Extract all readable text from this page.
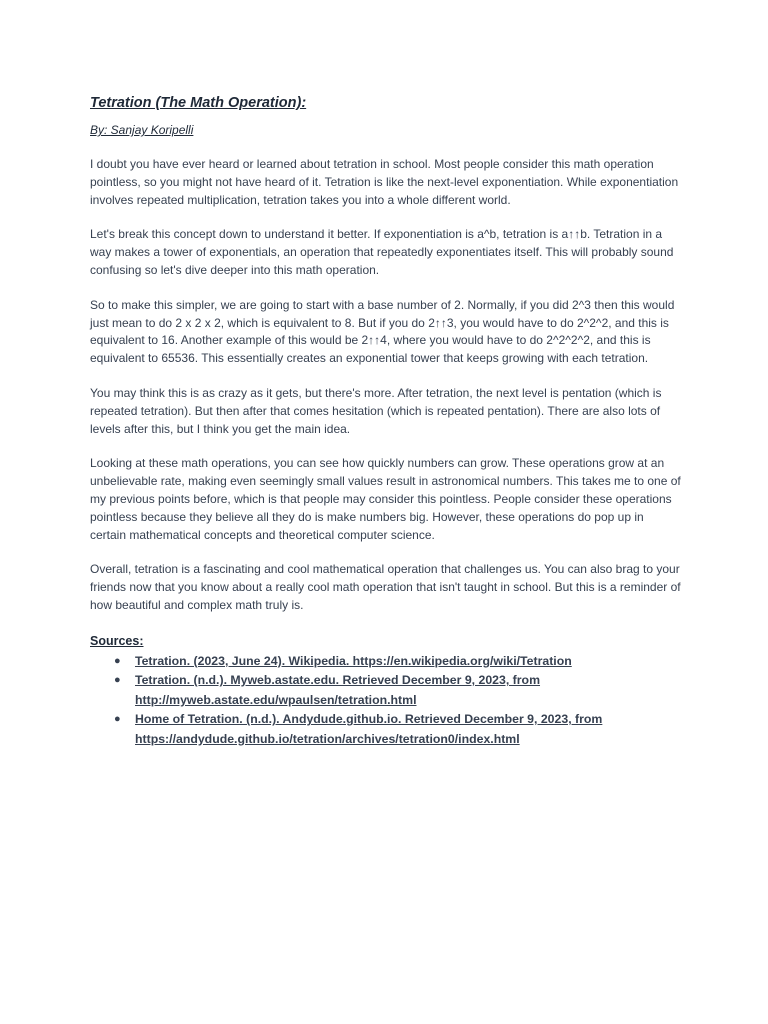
Tetration (The Math Operation):

By: Sanjay Koripelli

I doubt you have ever heard or learned about tetration in school. Most people consider this math operation pointless, so you might not have heard of it. Tetration is like the next-level exponentiation. While exponentiation involves repeated multiplication, tetration takes you into a whole different world.

Let's break this concept down to understand it better. If exponentiation is a^b, tetration is a↑↑b. Tetration in a way makes a tower of exponentials, an operation that repeatedly exponentiates itself. This will probably sound confusing so let's dive deeper into this math operation.

So to make this simpler, we are going to start with a base number of 2. Normally, if you did 2^3 then this would just mean to do 2 x 2 x 2, which is equivalent to 8. But if you do 2↑↑3, you would have to do 2^2^2, and this is equivalent to 16. Another example of this would be 2↑↑4, where you would have to do 2^2^2^2, and this is equivalent to 65536. This essentially creates an exponential tower that keeps growing with each tetration.

You may think this is as crazy as it gets, but there's more. After tetration, the next level is pentation (which is repeated tetration). But then after that comes hesitation (which is repeated pentation). There are also lots of levels after this, but I think you get the main idea.

Looking at these math operations, you can see how quickly numbers can grow. These operations grow at an unbelievable rate, making even seemingly small values result in astronomical numbers. This takes me to one of my previous points before, which is that people may consider this pointless. People consider these operations pointless because they believe all they do is make numbers big. However, these operations do pop up in certain mathematical concepts and theoretical computer science.

Overall, tetration is a fascinating and cool mathematical operation that challenges us. You can also brag to your friends now that you know about a really cool math operation that isn't taught in school. But this is a reminder of how beautiful and complex math truly is.

Sources:
● Tetration. (2023, June 24). Wikipedia. https://en.wikipedia.org/wiki/Tetration
● Tetration. (n.d.). Myweb.astate.edu. Retrieved December 9, 2023, from http://myweb.astate.edu/wpaulsen/tetration.html
● Home of Tetration. (n.d.). Andydude.github.io. Retrieved December 9, 2023, from https://andydude.github.io/tetration/archives/tetration0/index.html
